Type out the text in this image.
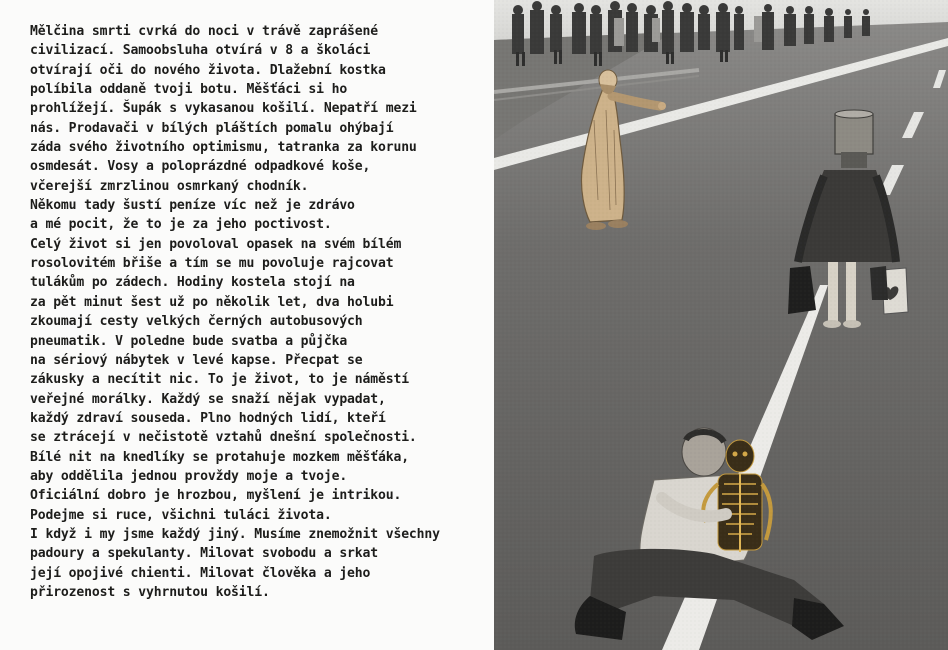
Mělčina smrti cvrká do noci v trávě zaprášené
civilizací. Samoobsluha otvírá v 8 a školáci
otvírají oči do nového života. Dlažební kostka
políbila oddaně tvoji botu. Měšťáci si ho
prohlížejí. Šupák s vykasanou košilí. Nepatří mezi
nás. Prodavači v bílých pláštích pomalu ohýbají
záda svého životního optimismu, tatranka za korunu
osmdesát. Vosy a poloprázdné odpadkové koše,
včerejší zmrzlinou osmrkaný chodník.
Někomu tady šustí peníze víc než je zdrávo
a mé pocit, že to je za jeho poctivost.
Celý život si jen povoloval opasek na svém bílém
rosolovitém břiše a tím se mu povoluje rajcovat
tulákům po zádech. Hodiny kostela stojí na
za pět minut šest už po několik let, dva holubi
zkoumají cesty velkých černých autobusových
pneumatik. V poledne bude svatba a půjčka
na sériový nábytek v levé kapse. Přecpat se
zákusky a necítit nic. To je život, to je náměstí
veřejné morálky. Každý se snaží nějak vypadat,
každý zdraví souseda. Plno hodných lidí, kteří
se ztrácejí v nečistotě vztahů dnešní společnosti.
Bílé nit na knedlíky se protahuje mozkem měšťáka,
aby oddělila jednou provždy moje a tvoje.
Oficiální dobro je hrozbou, myšlení je intrikou.
Podejme si ruce, všichni tuláci života.
I když i my jsme každý jiný. Musíme znemožnit všechny
padoury a spekulanty. Milovat svobodu a srkat
její opojivé chienti. Milovat člověka a jeho
přirozenost s vyhrnutou košilí.
